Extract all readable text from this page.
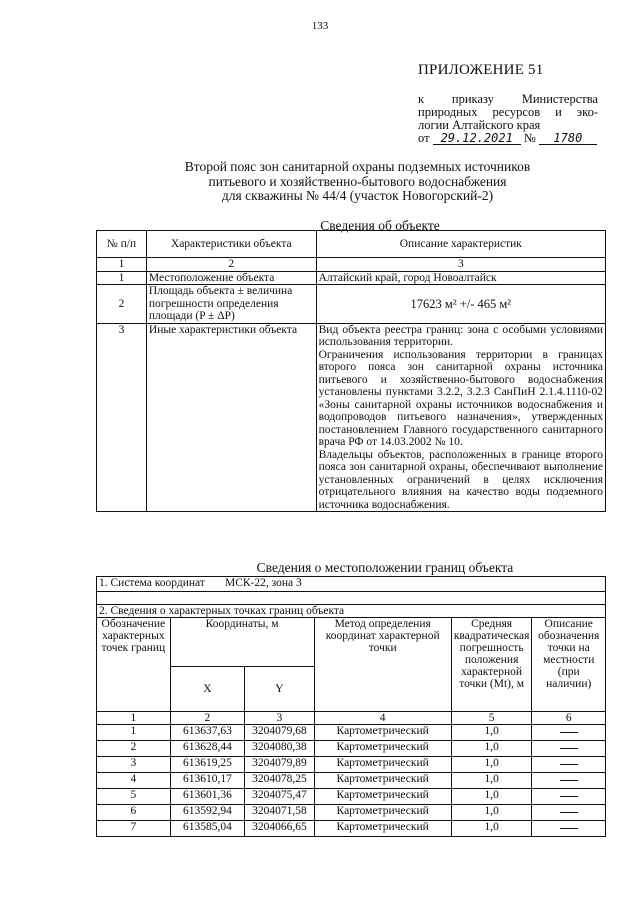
133
ПРИЛОЖЕНИЕ 51
к приказу Министерства
природных ресурсов и эко-
логии Алтайского края
от 29.12.2021 № 1780
Второй пояс зон санитарной охраны подземных источников
питьевого и хозяйственно-бытового водоснабжения
для скважины № 44/4 (участок Новогорский-2)
Сведения об объекте
№ п/п	Характеристики объекта	Описание характеристик
1	2	3
1	Местоположение объекта	Алтайский край, город Новоалтайск
2	Площадь объекта ± величина погрешности определения площади (P ± ΔP)	17623 м² +/- 465 м²
3	Иные характеристики объекта	Вид объекта реестра границ: зона с особыми условиями использования территории.

Ограничения использования территории в границах второго пояса зон санитарной охраны источника питьевого и хозяйственно-бытового водоснабжения установлены пунктами 3.2.2, 3.2.3 СанПиН 2.1.4.1110-02 «Зоны санитарной охраны источников водоснабжения и водопроводов питьевого назначения», утвержденных постановлением Главного государственного санитарного врача РФ от 14.03.2002 № 10.

Владельцы объектов, расположенных в границе второго пояса зон санитарной охраны, обеспечивают выполнение установленных ограничений в целях исключения отрицательного влияния на качество воды подземного источника водоснабжения.

Сведения о местоположении границ объекта
1. Система координат МСК-22, зона 3					

2. Сведения о характерных точках границ объекта					
Обозначение характерных точек границ	Координаты, м		Метод определения координат характерной точки	Средняя квадратическая погрешность положения характерной точки (Mt), м	Описание обозначения точки на местности (при наличии)
	X	Y			
1	2	3	4	5	6
1	613637,63	3204079,68	Картометрический	1,0	
2	613628,44	3204080,38	Картометрический	1,0	
3	613619,25	3204079,89	Картометрический	1,0	
4	613610,17	3204078,25	Картометрический	1,0	
5	613601,36	3204075,47	Картометрический	1,0	
6	613592,94	3204071,58	Картометрический	1,0	
7	613585,04	3204066,65	Картометрический	1,0	
